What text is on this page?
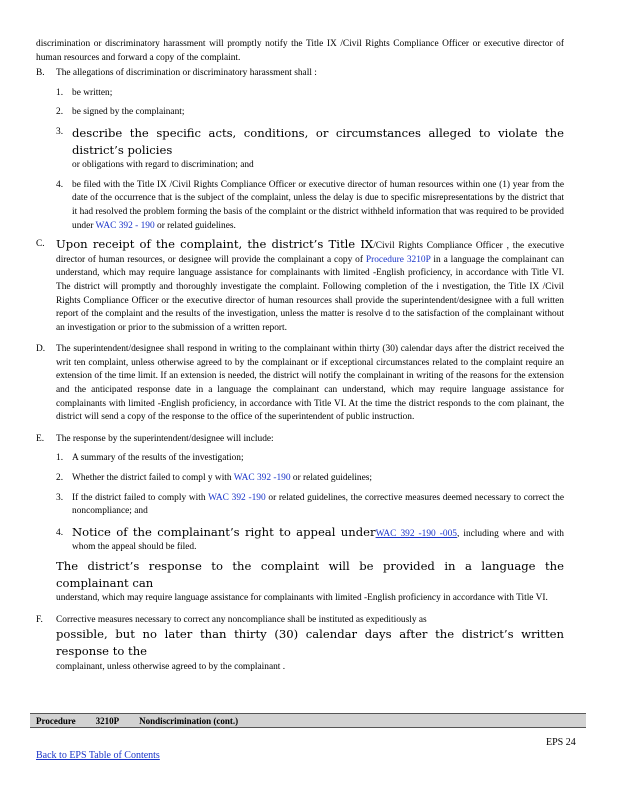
discrimination or discriminatory harassment will promptly notify the Title IX /Civil Rights Compliance Officer or executive director of human resources and forward a copy of the complaint.

B. The allegations of discrimination or discriminatory harassment shall :

1. be written;

2. be signed by the complainant;

3. describe the specific acts, conditions, or circumstances alleged to violate the district’s policies
or obligations with regard to discrimination; and

4. be filed with the Title IX /Civil Rights Compliance Officer or executive director of human resources within one (1) year from the date of the occurrence that is the subject of the complaint, unless the delay is due to specific misrepresentations by the district that it had resolved the problem forming the basis of the complaint or the district withheld information that was required to be provided under WAC 392 - 190 or related guidelines.

C. Upon receipt of the complaint, the district’s Title IX/Civil Rights Compliance Officer , the executive director of human resources, or designee will provide the complainant a copy of Procedure 3210P in a language the complainant can understand, which may require language assistance for complainants with limited -English proficiency, in accordance with Title VI. The district will promptly and thoroughly investigate the complaint. Following completion of the i nvestigation, the Title IX /Civil Rights Compliance Officer or the executive director of human resources shall provide the superintendent/designee with a full written report of the complaint and the results of the investigation, unless the matter is resolve d to the satisfaction of the complainant without an investigation or prior to the submission of a written report.

D. The superintendent/designee shall respond in writing to the complainant within thirty (30) calendar days after the district received the writ ten complaint, unless otherwise agreed to by the complainant or if exceptional circumstances related to the complaint require an extension of the time limit. If an extension is needed, the district will notify the complainant in writing of the reasons for the extension and the anticipated response date in a language the complainant can understand, which may require language assistance for complainants with limited -English proficiency, in accordance with Title VI. At the time the district responds to the com plainant, the district will send a copy of the response to the office of the superintendent of public instruction.

E. The response by the superintendent/designee will include:

1. A summary of the results of the investigation;

2. Whether the district failed to compl y with WAC 392 -190 or related guidelines;

3. If the district failed to comply with WAC 392 -190 or related guidelines, the corrective measures deemed necessary to correct the noncompliance; and

4. Notice of the complainant’s right to appeal underWAC 392 -190 -005, including where and with whom the appeal should be filed.

The district’s response to the complaint will be provided in a language the complainant can
understand, which may require language assistance for complainants with limited -English proficiency in accordance with Title VI.

F. Corrective measures necessary to correct any noncompliance shall be instituted as expeditiously as
possible, but no later than thirty (30) calendar days after the district’s written response to the
complainant, unless otherwise agreed to by the complainant .

Procedure 3210P Nondiscrimination (cont.)
EPS 24
Back to EPS Table of Contents
